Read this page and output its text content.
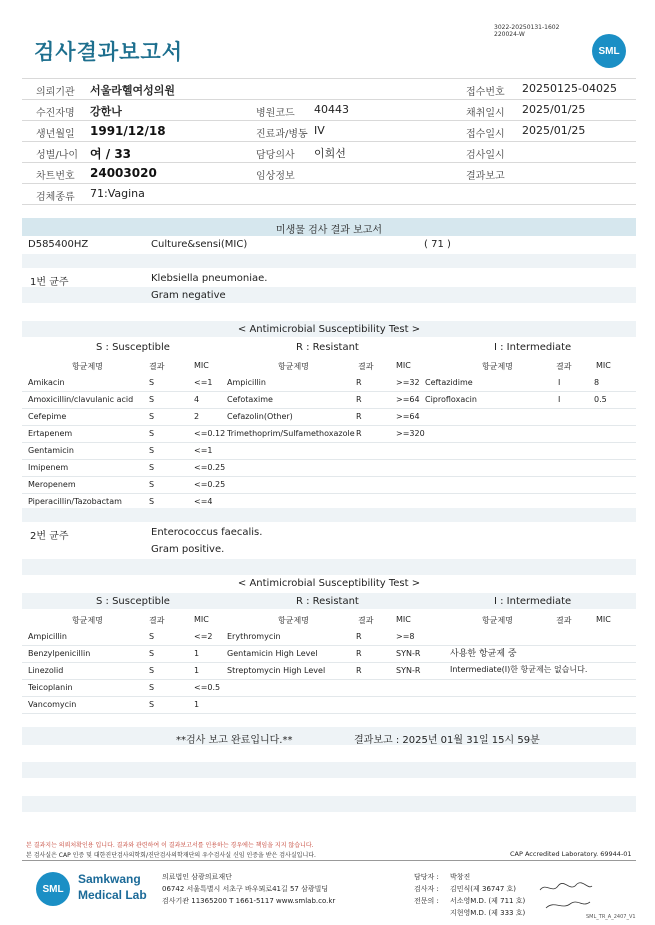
검사결과보고서
3022-20250131-1602
220024-W
SML
의뢰기관 서울라헬여성의원	접수번호 20250125-04025
수진자명 강한나	병원코드 40443	채취일시 2025/01/25
생년월일 1991/12/18	진료과/병동 IV	접수일시 2025/01/25
성별/나이 여 / 33	담당의사 이희선	검사일시
차트번호 24003020	임상정보	결과보고
검체종류 71:Vagina
미생물 검사 결과 보고서
D585400HZ	Culture&sensi(MIC)	( 71 )
1번 균주	Klebsiella pneumoniae.
Gram negative
< Antimicrobial Susceptibility Test >
S : Susceptible	R : Resistant	I : Intermediate
항균제명	결과	MIC	항균제명	결과	MIC	항균제명	결과	MIC
Amikacin	S	<=1 Ampicillin	R	>=32 Ceftazidime	I	8
Amoxicillin/clavulanic acid S	4	Cefotaxime	R	>=64 Ciprofloxacin	I	0.5
Cefepime	S	2	Cefazolin(Other)	R	>=64
Ertapenem	S	<=0.12 Trimethoprim/Sulfamethoxazole R	>=320
Gentamicin	S	<=1
Imipenem	S	<=0.25
Meropenem	S	<=0.25
Piperacillin/Tazobactam	S	<=4
2번 균주	Enterococcus faecalis.
Gram positive.
< Antimicrobial Susceptibility Test >
S : Susceptible	R : Resistant	I : Intermediate
항균제명	결과	MIC	항균제명	결과	MIC	항균제명	결과	MIC
Ampicillin	S	<=2 Erythromycin	R	>=8
Benzylpenicillin	S	1	Gentamicin High Level	R	SYN-R
Linezolid	S	1	Streptomycin High Level	R	SYN-R
Teicoplanin	S	<=0.5
Vancomycin	S	1
사용한 항균제 중
Intermediate(I)한 항균제는 없습니다.
**검사 보고 완료입니다.**	결과보고 : 2025년 01월 31일 15시 59분
본 결과지는 의뢰처확인용 입니다. 결과와 관련하여 이 결과보고서를 인용하는 경우에는 책임을 지지 않습니다.
본 검사실은 CAP 인증 및 대한진단검사의학회/진단검사의학재단의 우수검사실 신임 인증을 받은 검사실입니다.	CAP Accredited Laboratory. 69944-01
SML
Samkwang
Medical Lab
의료법인 삼광의료재단
06742 서울특별시 서초구 바우뫼로41길 57 삼광빌딩
검사기관 11365200 T 1661-5117 www.smlab.co.kr
담당자 : 박창진
검사자 : 김민식(제 36747 호)
전문의 : 서소영M.D. (제 711 호)
지현영M.D. (제 333 호)	SML_TR_A_2407_V1
